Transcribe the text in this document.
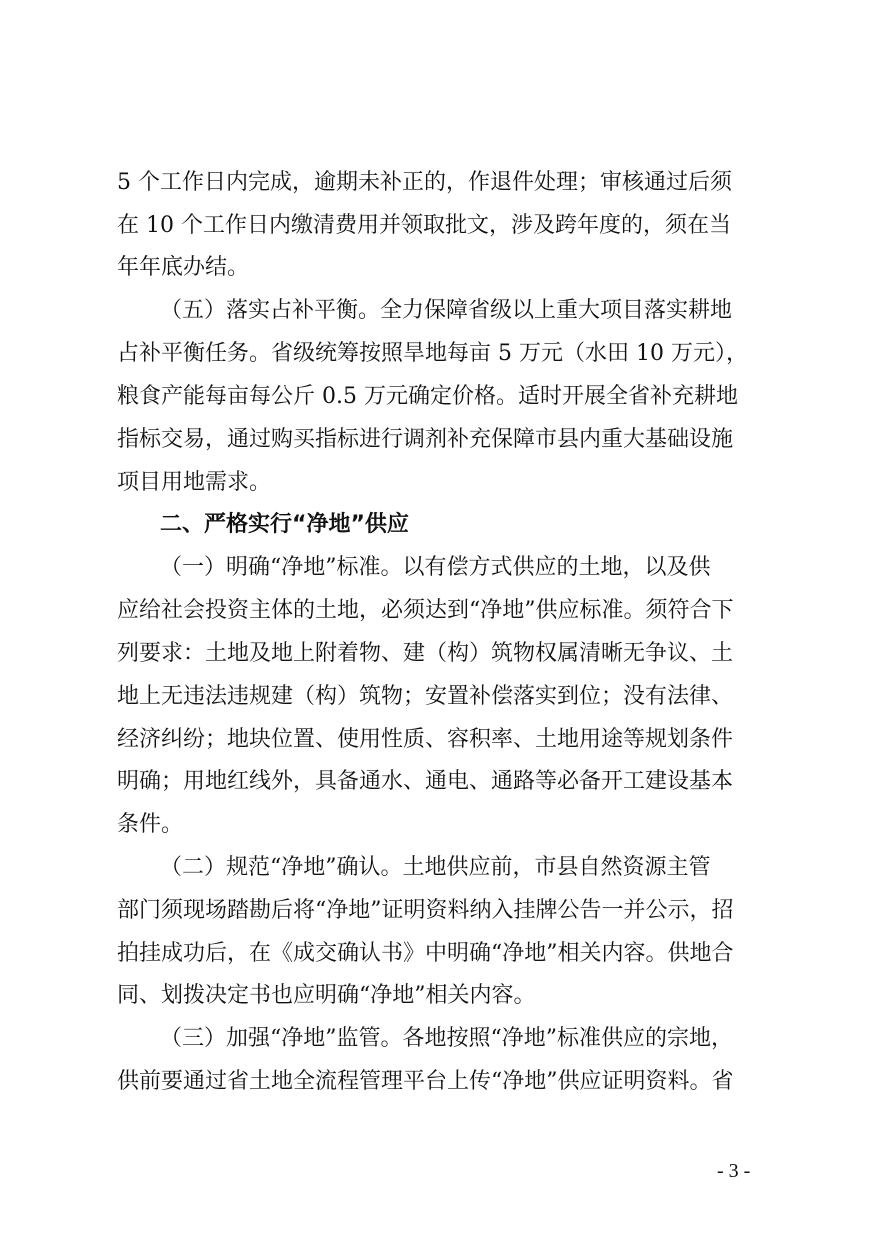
5 个工作日内完成，逾期未补正的，作退件处理；审核通过后须
在 10 个工作日内缴清费用并领取批文，涉及跨年度的，须在当
年年底办结。
（五）落实占补平衡。全力保障省级以上重大项目落实耕地
占补平衡任务。省级统筹按照旱地每亩 5 万元（水田 10 万元），
粮食产能每亩每公斤 0.5 万元确定价格。适时开展全省补充耕地
指标交易，通过购买指标进行调剂补充保障市县内重大基础设施
项目用地需求。
二、严格实行“净地”供应
（一）明确“净地”标准。以有偿方式供应的土地，以及供
应给社会投资主体的土地，必须达到“净地”供应标准。须符合下
列要求：土地及地上附着物、建（构）筑物权属清晰无争议、土
地上无违法违规建（构）筑物；安置补偿落实到位；没有法律、
经济纠纷；地块位置、使用性质、容积率、土地用途等规划条件
明确；用地红线外，具备通水、通电、通路等必备开工建设基本
条件。
（二）规范“净地”确认。土地供应前，市县自然资源主管
部门须现场踏勘后将“净地”证明资料纳入挂牌公告一并公示，招
拍挂成功后，在《成交确认书》中明确“净地”相关内容。供地合
同、划拨决定书也应明确“净地”相关内容。
（三）加强“净地”监管。各地按照“净地”标准供应的宗地，
供前要通过省土地全流程管理平台上传“净地”供应证明资料。省
- 3 -
